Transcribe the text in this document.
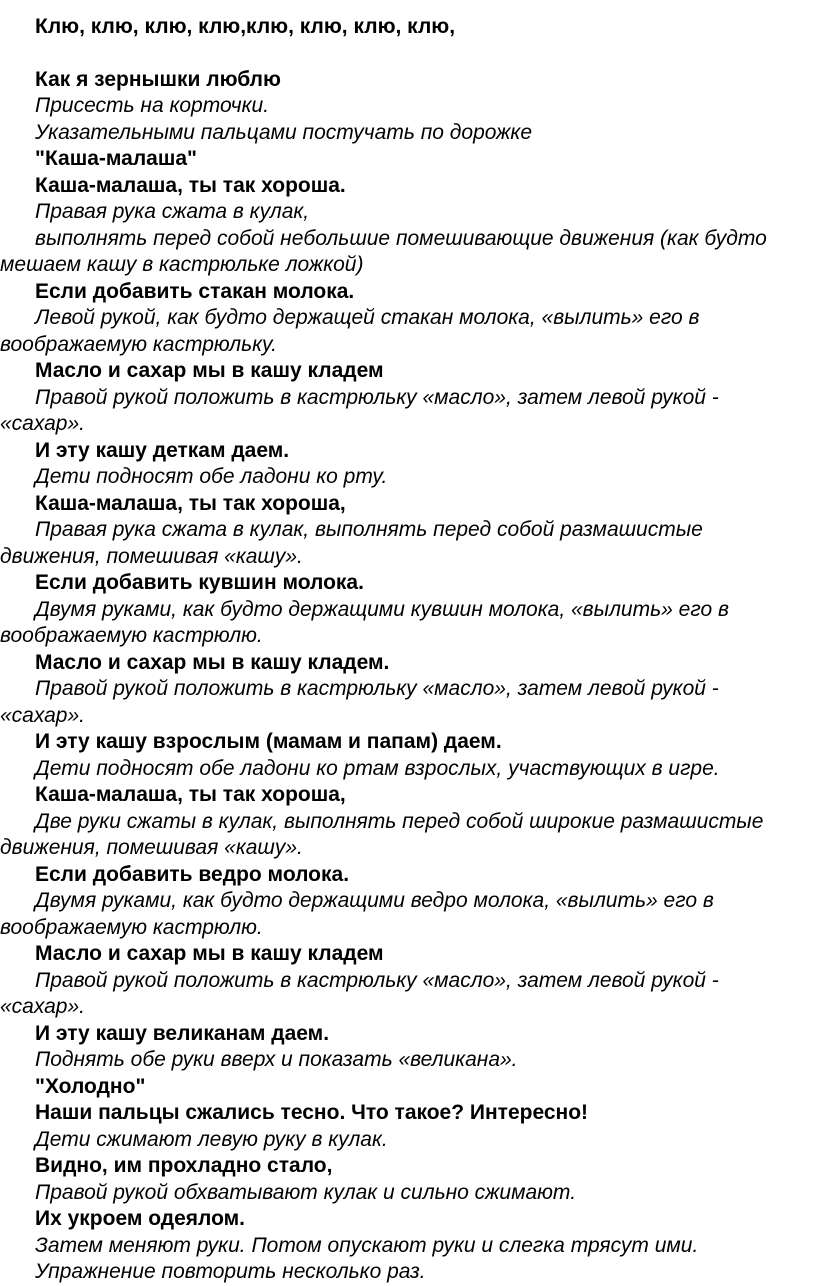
Клю, клю, клю, клю,клю, клю, клю, клю,

Как я зернышки люблю

Присесть на корточки.

Указательными пальцами постучать по дорожке

"Каша-малаша"

Каша-малаша, ты так хороша.

Правая рука сжата в кулак,

выполнять перед собой небольшие помешивающие движения (как будто мешаем кашу в кастрюльке ложкой)

Если добавить стакан молока.

Левой рукой, как будто держащей стакан молока, «вылить» его в воображаемую кастрюльку.

Масло и сахар мы в кашу кладем

Правой рукой положить в кастрюльку «масло», затем левой рукой - «сахар».

И эту кашу деткам даем.

Дети подносят обе ладони ко рту.

Каша-малаша, ты так хороша,

Правая рука сжата в кулак, выполнять перед собой размашистые движения, помешивая «кашу».

Если добавить кувшин молока.

Двумя руками, как будто держащими кувшин молока, «вылить» его в воображаемую кастрюлю.

Масло и сахар мы в кашу кладем.

Правой рукой положить в кастрюльку «масло», затем левой рукой - «сахар».

И эту кашу взрослым (мамам и папам) даем.

Дети подносят обе ладони ко ртам взрослых, участвующих в игре.

Каша-малаша, ты так хороша,

Две руки сжаты в кулак, выполнять перед собой широкие размашистые движения, помешивая «кашу».

Если добавить ведро молока.

Двумя руками, как будто держащими ведро молока, «вылить» его в воображаемую кастрюлю.

Масло и сахар мы в кашу кладем

Правой рукой положить в кастрюльку «масло», затем левой рукой - «сахар».

И эту кашу великанам даем.

Поднять обе руки вверх и показать «великана».

"Холодно"

Наши пальцы сжались тесно. Что такое? Интересно!

Дети сжимают левую руку в кулак.

Видно, им прохладно стало,

Правой рукой обхватывают кулак и сильно сжимают.

Их укроем одеялом.

Затем меняют руки. Потом опускают руки и слегка трясут ими.

Упражнение повторить несколько раз.
